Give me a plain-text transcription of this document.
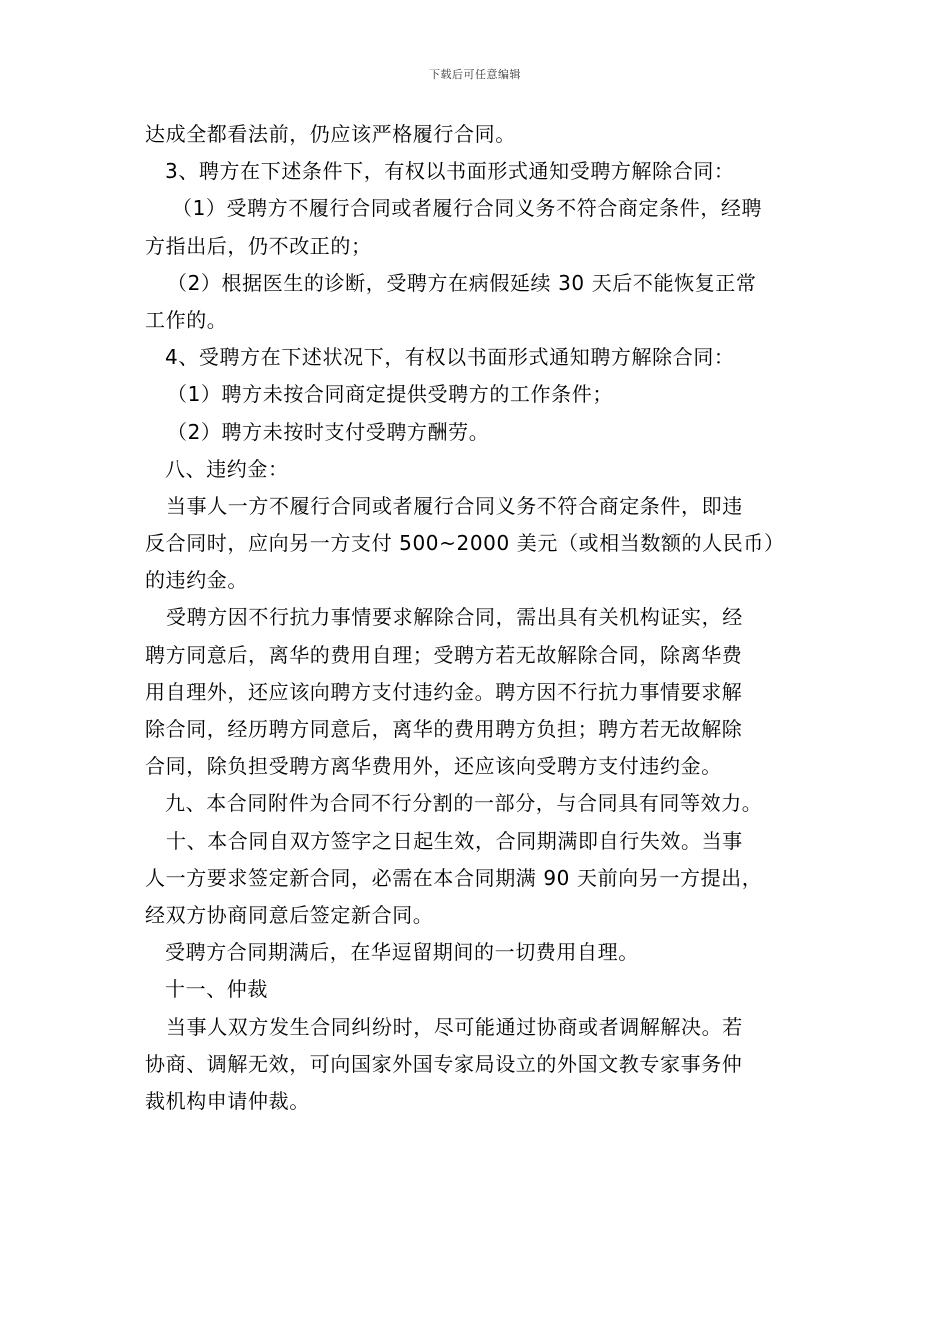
下载后可任意编辑
达成全都看法前，仍应该严格履行合同。
3、聘方在下述条件下，有权以书面形式通知受聘方解除合同：
（1）受聘方不履行合同或者履行合同义务不符合商定条件，经聘
方指出后，仍不改正的；
（2）根据医生的诊断，受聘方在病假延续 30 天后不能恢复正常
工作的。
4、受聘方在下述状况下，有权以书面形式通知聘方解除合同：
（1）聘方未按合同商定提供受聘方的工作条件；
（2）聘方未按时支付受聘方酬劳。
八、违约金：
当事人一方不履行合同或者履行合同义务不符合商定条件，即违
反合同时，应向另一方支付 500~2000 美元（或相当数额的人民币）
的违约金。
受聘方因不行抗力事情要求解除合同，需出具有关机构证实，经
聘方同意后，离华的费用自理；受聘方若无故解除合同，除离华费
用自理外，还应该向聘方支付违约金。聘方因不行抗力事情要求解
除合同，经历聘方同意后，离华的费用聘方负担；聘方若无故解除
合同，除负担受聘方离华费用外，还应该向受聘方支付违约金。
九、本合同附件为合同不行分割的一部分，与合同具有同等效力。
十、本合同自双方签字之日起生效，合同期满即自行失效。当事
人一方要求签定新合同，必需在本合同期满 90 天前向另一方提出，
经双方协商同意后签定新合同。
受聘方合同期满后，在华逗留期间的一切费用自理。
十一、仲裁
当事人双方发生合同纠纷时，尽可能通过协商或者调解解决。若
协商、调解无效，可向国家外国专家局设立的外国文教专家事务仲
裁机构申请仲裁。
